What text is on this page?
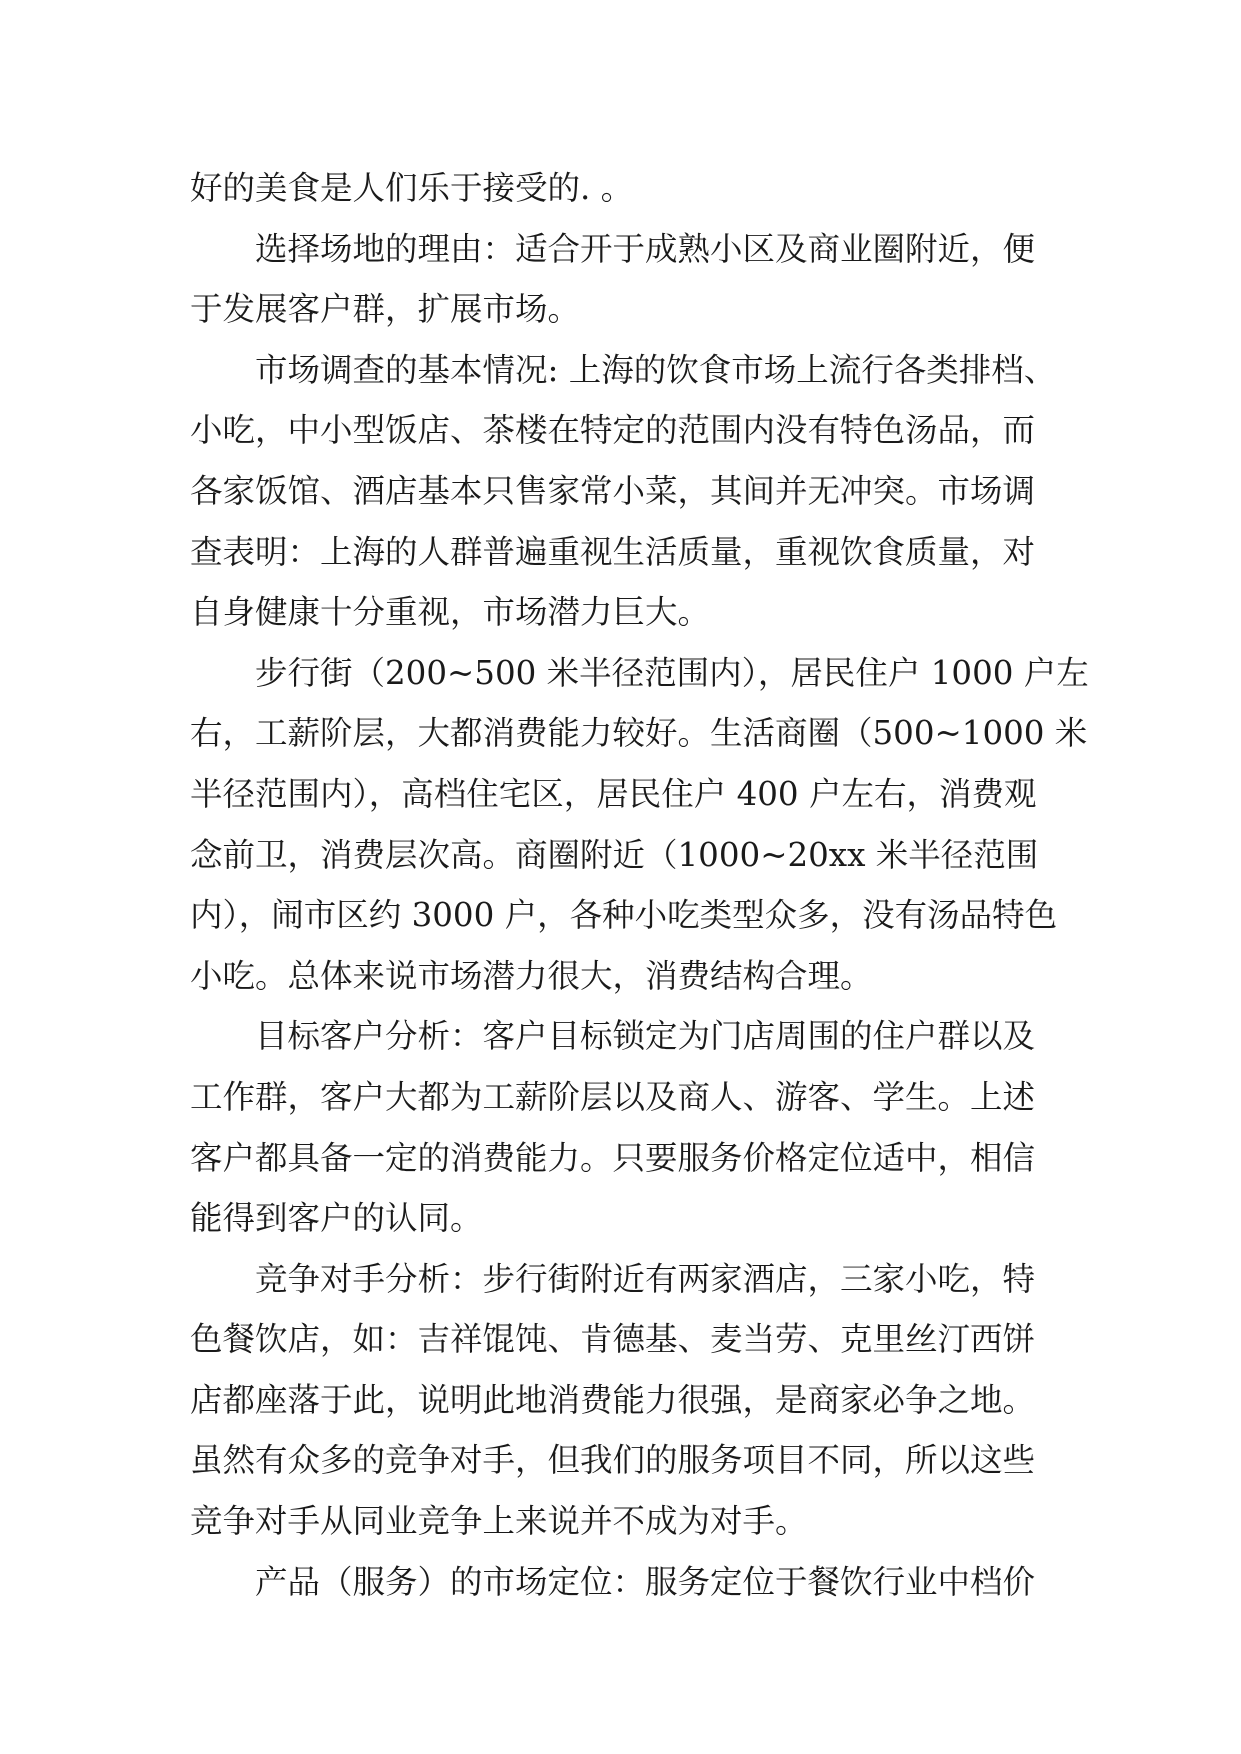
好的美食是人们乐于接受的. 。
选择场地的理由：适合开于成熟小区及商业圈附近，便
于发展客户群，扩展市场。
市场调查的基本情况: 上海的饮食市场上流行各类排档、
小吃，中小型饭店、茶楼在特定的范围内没有特色汤品，而
各家饭馆、酒店基本只售家常小菜，其间并无冲突。市场调
查表明：上海的人群普遍重视生活质量，重视饮食质量，对
自身健康十分重视，市场潜力巨大。
步行街（200~500 米半径范围内），居民住户 1000 户左
右，工薪阶层，大都消费能力较好。生活商圈（500~1000 米
半径范围内），高档住宅区，居民住户 400 户左右，消费观
念前卫，消费层次高。商圈附近（1000~20xx 米半径范围
内），闹市区约 3000 户，各种小吃类型众多，没有汤品特色
小吃。总体来说市场潜力很大，消费结构合理。
目标客户分析：客户目标锁定为门店周围的住户群以及
工作群，客户大都为工薪阶层以及商人、游客、学生。上述
客户都具备一定的消费能力。只要服务价格定位适中，相信
能得到客户的认同。
竞争对手分析：步行街附近有两家酒店，三家小吃，特
色餐饮店，如：吉祥馄饨、肯德基、麦当劳、克里丝汀西饼
店都座落于此，说明此地消费能力很强，是商家必争之地。
虽然有众多的竞争对手，但我们的服务项目不同，所以这些
竞争对手从同业竞争上来说并不成为对手。
产品（服务）的市场定位：服务定位于餐饮行业中档价
